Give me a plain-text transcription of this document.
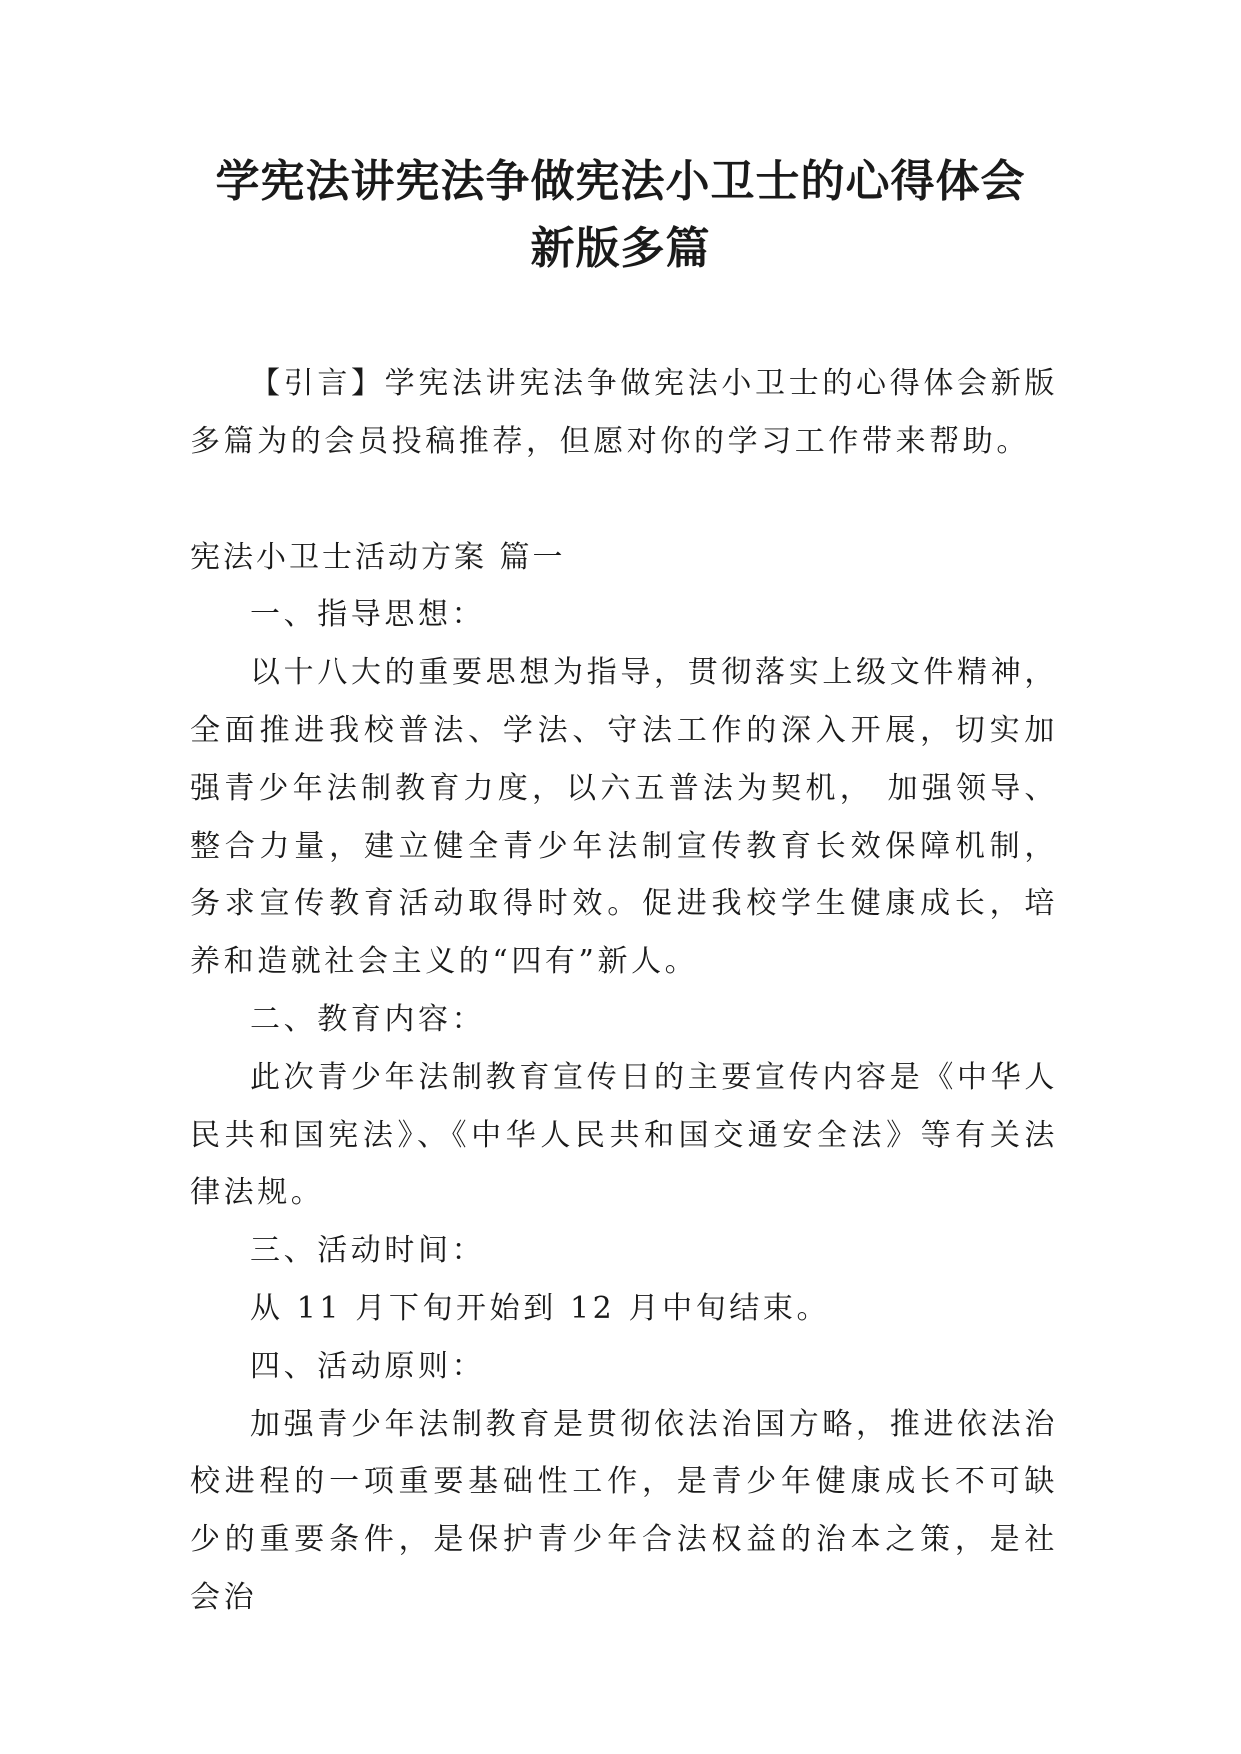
学宪法讲宪法争做宪法小卫士的心得体会
新版多篇

【引言】学宪法讲宪法争做宪法小卫士的心得体会新版多篇为的会员投稿推荐，但愿对你的学习工作带来帮助。

宪法小卫士活动方案 篇一

一、指导思想：

以十八大的重要思想为指导，贯彻落实上级文件精神，全面推进我校普法、学法、守法工作的深入开展，切实加强青少年法制教育力度，以六五普法为契机， 加强领导、整合力量，建立健全青少年法制宣传教育长效保障机制，务求宣传教育活动取得时效。促进我校学生健康成长，培养和造就社会主义的“四有”新人。

二、教育内容：

此次青少年法制教育宣传日的主要宣传内容是《中华人民共和国宪法》、《中华人民共和国交通安全法》等有关法律法规。

三、活动时间：

从 11 月下旬开始到 12 月中旬结束。

四、活动原则：

加强青少年法制教育是贯彻依法治国方略，推进依法治校进程的一项重要基础性工作，是青少年健康成长不可缺少的重要条件，是保护青少年合法权益的治本之策，是社会治
